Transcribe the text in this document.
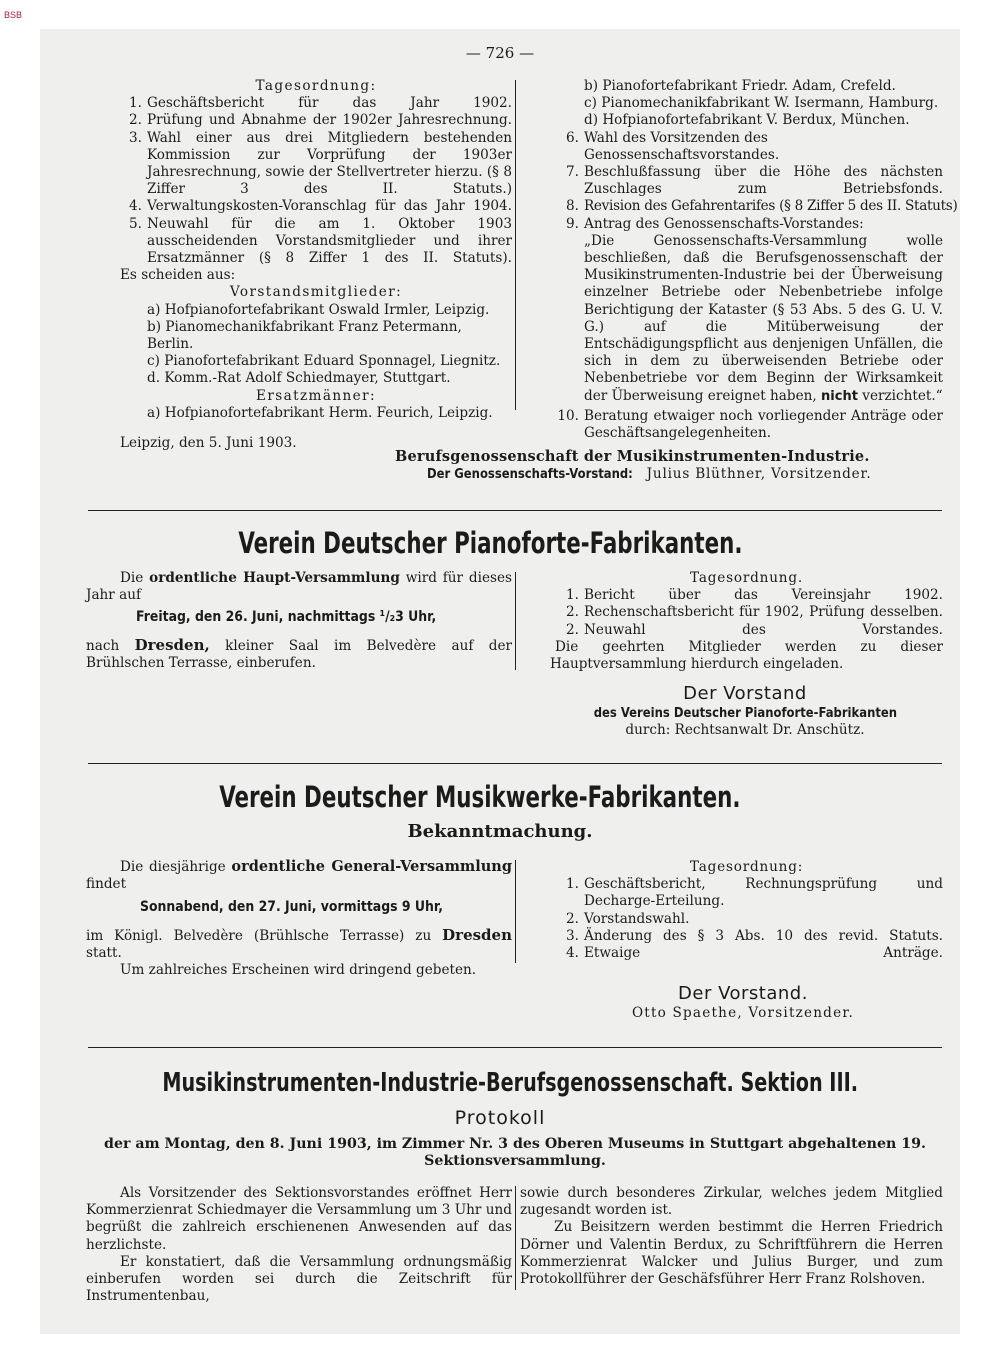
BSB
— 726 —

Tagesordnung:

1. Geschäftsbericht für das Jahr 1902.
2. Prüfung und Abnahme der 1902er Jahresrechnung.
3. Wahl einer aus drei Mitgliedern bestehenden Kommission zur Vorprüfung der 1903er Jahresrechnung, sowie der Stellvertreter hierzu. (§ 8 Ziffer 3 des II. Statuts.)
4. Verwaltungskosten-Voranschlag für das Jahr 1904.
5. Neuwahl für die am 1. Oktober 1903 ausscheidenden Vorstandsmitglieder und ihrer Ersatzmänner (§ 8 Ziffer 1 des II. Statuts).

Es scheiden aus:

Vorstandsmitglieder:

a) Hofpianofortefabrikant Oswald Irmler, Leipzig.

b) Pianomechanikfabrikant Franz Petermann, Berlin.

c) Pianofortefabrikant Eduard Sponnagel, Liegnitz.

d. Komm.-Rat Adolf Schiedmayer, Stuttgart.

Ersatzmänner:

a) Hofpianofortefabrikant Herm. Feurich, Leipzig.

Leipzig, den 5. Juni 1903.

b) Pianofortefabrikant Friedr. Adam, Crefeld.

c) Pianomechanikfabrikant W. Isermann, Hamburg.

d) Hofpianofortefabrikant V. Berdux, München.

6. Wahl des Vorsitzenden des Genossenschaftsvorstandes.
7. Beschlußfassung über die Höhe des nächsten Zuschlages zum Betriebsfonds.
8. Revision des Gefahrentarifes (§ 8 Ziffer 5 des II. Statuts)
9. Antrag des Genossenschafts-Vorstandes:

„Die Genossenschafts-Versammlung wolle beschließen, daß die Berufsgenossenschaft der Musikinstrumenten-Industrie bei der Überweisung einzelner Betriebe oder Nebenbetriebe infolge Berichtigung der Kataster (§ 53 Abs. 5 des G. U. V. G.) auf die Mitüberweisung der Entschädigungspflicht aus denjenigen Unfällen, die sich in dem zu überweisenden Betriebe oder Nebenbetriebe vor dem Beginn der Wirksamkeit der Überweisung ereignet haben, nicht verzichtet.“

10. Beratung etwaiger noch vorliegender Anträge oder Geschäftsangelegenheiten.

Berufsgenossenschaft der Musikinstrumenten-Industrie.

Der Genossenschafts-Vorstand: Julius Blüthner, Vorsitzender.

Verein Deutscher Pianoforte-Fabrikanten.

Die ordentliche Haupt-Versammlung wird für dieses Jahr auf

Freitag, den 26. Juni, nachmittags ¹/₂3 Uhr,

nach Dresden, kleiner Saal im Belvedère auf der Brühlschen Terrasse, einberufen.

Tagesordnung.

1. Bericht über das Vereinsjahr 1902.
2. Rechenschaftsbericht für 1902, Prüfung desselben.
2. Neuwahl des Vorstandes.

Die geehrten Mitglieder werden zu dieser Hauptversammlung hierdurch eingeladen.

Der Vorstand

des Vereins Deutscher Pianoforte-Fabrikanten

durch: Rechtsanwalt Dr. Anschütz.

Verein Deutscher Musikwerke-Fabrikanten.
Bekanntmachung.

Die diesjährige ordentliche General-Versammlung findet

Sonnabend, den 27. Juni, vormittags 9 Uhr,

im Königl. Belvedère (Brühlsche Terrasse) zu Dresden statt.

Um zahlreiches Erscheinen wird dringend gebeten.

Tagesordnung:

1. Geschäftsbericht, Rechnungsprüfung und Decharge-Erteilung.
2. Vorstandswahl.
3. Änderung des § 3 Abs. 10 des revid. Statuts.
4. Etwaige Anträge.

Der Vorstand.

Otto Spaethe, Vorsitzender.

Musikinstrumenten-Industrie-Berufsgenossenschaft. Sektion III.
Protokoll

der am Montag, den 8. Juni 1903, im Zimmer Nr. 3 des Oberen Museums in Stuttgart abgehaltenen 19. Sektionsversammlung.

Als Vorsitzender des Sektionsvorstandes eröffnet Herr Kommerzienrat Schiedmayer die Versammlung um 3 Uhr und begrüßt die zahlreich erschienenen Anwesenden auf das herzlichste.

Er konstatiert, daß die Versammlung ordnungsmäßig einberufen worden sei durch die Zeitschrift für Instrumentenbau,

sowie durch besonderes Zirkular, welches jedem Mitglied zugesandt worden ist.

Zu Beisitzern werden bestimmt die Herren Friedrich Dörner und Valentin Berdux, zu Schriftführern die Herren Kommerzienrat Walcker und Julius Burger, und zum Protokollführer der Geschäfsführer Herr Franz Rolshoven.
